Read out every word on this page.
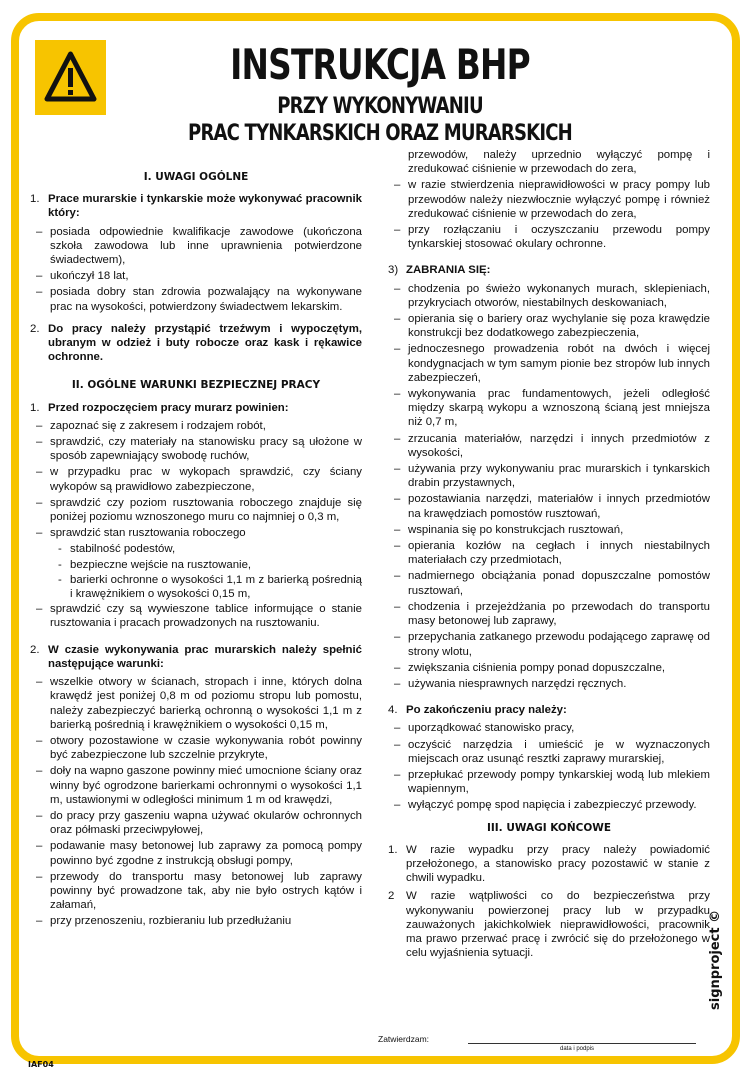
INSTRUKCJA BHP
PRZY WYKONYWANIU
PRAC TYNKARSKICH ORAZ MURARSKICH
I. UWAGI OGÓLNE
1. Prace murarskie i tynkarskie może wykonywać pracownik który:
– posiada odpowiednie kwalifikacje zawodowe (ukończona szkoła zawodowa lub inne uprawnienia potwierdzone świadectwem),
– ukończył 18 lat,
– posiada dobry stan zdrowia pozwalający na wykonywane prac na wysokości, potwierdzony świadectwem lekarskim.
2. Do pracy należy przystąpić trzeźwym i wypoczętym, ubranym w odzież i buty robocze oraz kask i rękawice ochronne.
II. OGÓLNE WARUNKI BEZPIECZNEJ PRACY
1. Przed rozpoczęciem pracy murarz powinien:
– zapoznać się z zakresem i rodzajem robót,
– sprawdzić, czy materiały na stanowisku pracy są ułożone w sposób zapewniający swobodę ruchów,
– w przypadku prac w wykopach sprawdzić, czy ściany wykopów są prawidłowo zabezpieczone,
– sprawdzić czy poziom rusztowania roboczego znajduje się poniżej poziomu wznoszonego muru co najmniej o 0,3 m,
– sprawdzić stan rusztowania roboczego
- stabilność podestów,
- bezpieczne wejście na rusztowanie,
- barierki ochronne o wysokości 1,1 m z barierką pośrednią i krawężnikiem o wysokości 0,15 m,
– sprawdzić czy są wywieszone tablice informujące o stanie rusztowania i pracach prowadzonych na rusztowaniu.
2. W czasie wykonywania prac murarskich należy spełnić następujące warunki:
– wszelkie otwory w ścianach, stropach i inne, których dolna krawędź jest poniżej 0,8 m od poziomu stropu lub pomostu, należy zabezpieczyć barierką ochronną o wysokości 1,1 m z barierką pośrednią i krawężnikiem o wysokości 0,15 m,
– otwory pozostawione w czasie wykonywania robót powinny być zabezpieczone lub szczelnie przykryte,
– doły na wapno gaszone powinny mieć umocnione ściany oraz winny być ogrodzone barierkami ochronnymi o wysokości 1,1 m, ustawionymi w odległości minimum 1 m od krawędzi,
– do pracy przy gaszeniu wapna używać okularów ochronnych oraz półmaski przeciwpyłowej,
– podawanie masy betonowej lub zaprawy za pomocą pompy powinno być zgodne z instrukcją obsługi pompy,
– przewody do transportu masy betonowej lub zaprawy powinny być prowadzone tak, aby nie było ostrych kątów i załamań,
– przy przenoszeniu, rozbieraniu lub przedłużaniu
przewodów, należy uprzednio wyłączyć pompę i zredukować ciśnienie w przewodach do zera,
– w razie stwierdzenia nieprawidłowości w pracy pompy lub przewodów należy niezwłocznie wyłączyć pompę i również zredukować ciśnienie w przewodach do zera,
– przy rozłączaniu i oczyszczaniu przewodu pompy tynkarskiej stosować okulary ochronne.
3) ZABRANIA SIĘ:
– chodzenia po świeżo wykonanych murach, sklepieniach, przykryciach otworów, niestabilnych deskowaniach,
– opierania się o bariery oraz wychylanie się poza krawędzie konstrukcji bez dodatkowego zabezpieczenia,
– jednoczesnego prowadzenia robót na dwóch i więcej kondygnacjach w tym samym pionie bez stropów lub innych zabezpieczeń,
– wykonywania prac fundamentowych, jeżeli odległość między skarpą wykopu a wznoszoną ścianą jest mniejsza niż 0,7 m,
– zrzucania materiałów, narzędzi i innych przedmiotów z wysokości,
– używania przy wykonywaniu prac murarskich i tynkarskich drabin przystawnych,
– pozostawiania narzędzi, materiałów i innych przedmiotów na krawędziach pomostów rusztowań,
– wspinania się po konstrukcjach rusztowań,
– opierania kozłów na cegłach i innych niestabilnych materiałach czy przedmiotach,
– nadmiernego obciążania ponad dopuszczalne pomostów rusztowań,
– chodzenia i przejeżdżania po przewodach do transportu masy betonowej lub zaprawy,
– przepychania zatkanego przewodu podającego zaprawę od strony wlotu,
– zwiększania ciśnienia pompy ponad dopuszczalne,
– używania niesprawnych narzędzi ręcznych.
4. Po zakończeniu pracy należy:
– uporządkować stanowisko pracy,
– oczyścić narzędzia i umieścić je w wyznaczonych miejscach oraz usunąć resztki zaprawy murarskiej,
– przepłukać przewody pompy tynkarskiej wodą lub mlekiem wapiennym,
– wyłączyć pompę spod napięcia i zabezpieczyć przewody.
III. UWAGI KOŃCOWE
1. W razie wypadku przy pracy należy powiadomić przełożonego, a stanowisko pracy pozostawić w stanie z chwili wypadku.
2 W razie wątpliwości co do bezpieczeństwa przy wykonywaniu powierzonej pracy lub w przypadku zauważonych jakichkolwiek nieprawidłowości, pracownik ma prawo przerwać pracę i zwrócić się do przełożonego w celu wyjaśnienia sytuacji.
Zatwierdzam:
data i podpis
IAF04
signproject ©
